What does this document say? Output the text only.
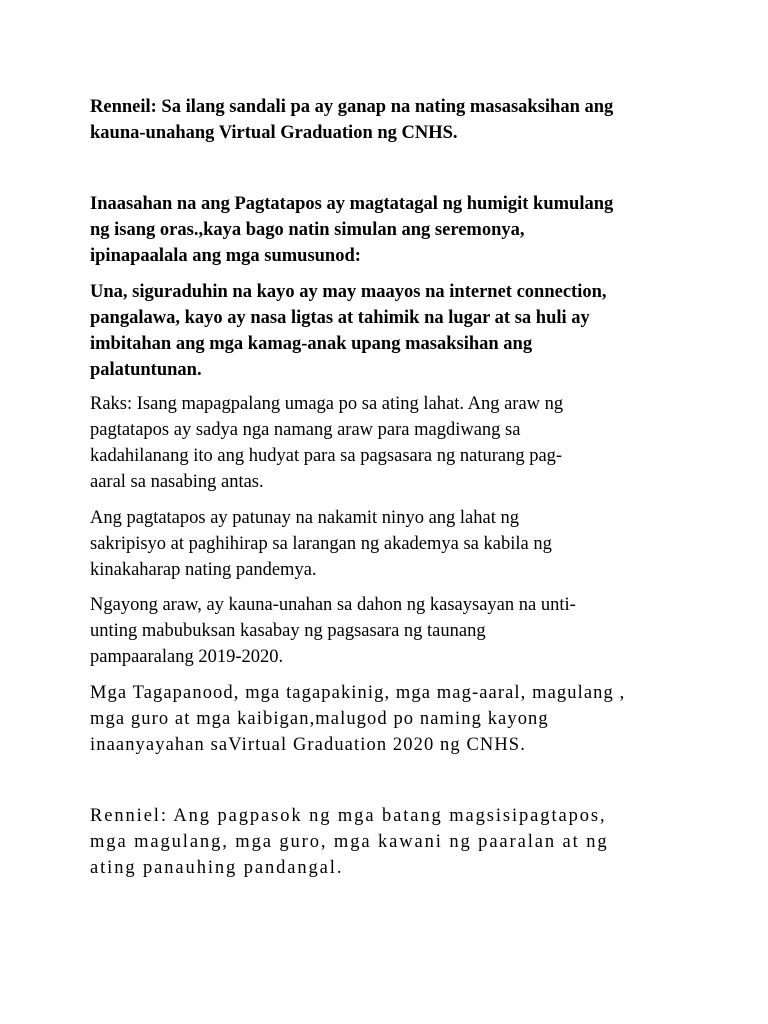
Renneil: Sa ilang sandali pa ay ganap na nating masasaksihan ang
kauna-unahang Virtual Graduation ng CNHS.

Inaasahan na ang Pagtatapos ay magtatagal ng humigit kumulang
ng isang oras.,kaya bago natin simulan ang seremonya,
ipinapaalala ang mga sumusunod:

Una, siguraduhin na kayo ay may maayos na internet connection,
pangalawa, kayo ay nasa ligtas at tahimik na lugar at sa huli ay
imbitahan ang mga kamag-anak upang masaksihan ang
palatuntunan.

Raks: Isang mapagpalang umaga po sa ating lahat. Ang araw ng
pagtatapos ay sadya nga namang araw para magdiwang sa
kadahilanang ito ang hudyat para sa pagsasara ng naturang pag-
aaral sa nasabing antas.

Ang pagtatapos ay patunay na nakamit ninyo ang lahat ng
sakripisyo at paghihirap sa larangan ng akademya sa kabila ng
kinakaharap nating pandemya.

Ngayong araw, ay kauna-unahan sa dahon ng kasaysayan na unti-
unting mabubuksan kasabay ng pagsasara ng taunang
pampaaralang 2019-2020.

Mga Tagapanood, mga tagapakinig, mga mag-aaral, magulang ,
mga guro at mga kaibigan,malugod po naming kayong
inaanyayahan saVirtual Graduation 2020 ng CNHS.

Renniel: Ang pagpasok ng mga batang magsisipagtapos,
mga magulang, mga guro, mga kawani ng paaralan at ng
ating panauhing pandangal.
